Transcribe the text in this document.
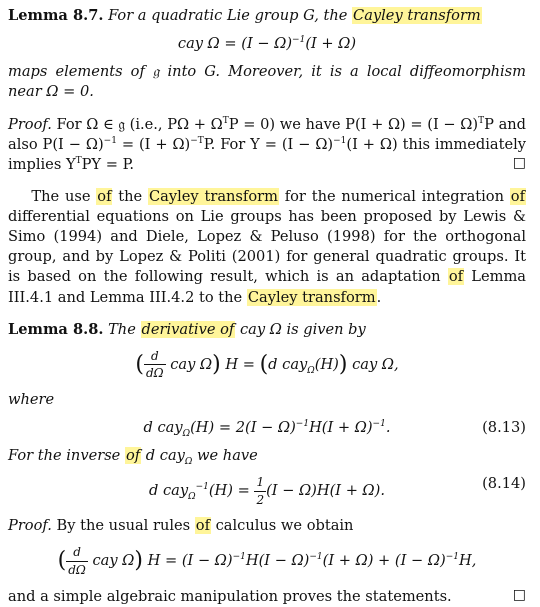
Lemma 8.7. For a quadratic Lie group G, the Cayley transform

cay $\Omega = (I - \Omega)^{-1}(I + \Omega)$

maps elements of 𝔤 into G. Moreover, it is a local diffeomorphism near Ω = 0.

Proof. For Ω ∈ 𝔤 (i.e., $P\Omega + \Omega^TP = 0$) we have $P(I + \Omega) = (I - \Omega)^TP$ and also $P(I - \Omega)^{-1} = (I + \Omega)^{-T}P$. For $Y = (I - \Omega)^{-1}(I + \Omega)$ this immediately implies $Y^TPY = P$.	□

The use of the Cayley transform for the numerical integration of differential equations on Lie groups has been proposed by Lewis & Simo (1994) and Diele, Lopez & Peluso (1998) for the orthogonal group, and by Lopez & Politi (2001) for general quadratic groups. It is based on the following result, which is an adaptation of Lemma III.4.1 and Lemma III.4.2 to the Cayley transform.

Lemma 8.8. The derivative of cay Ω is given by

( $\frac{d}{d\Omega}$ cay Ω) H = (d cay$_\Omega$(H)) cay Ω,

where

d $cay_\Omega(H) = 2(I - \Omega)^{-1}H(I + \Omega)^{-1}$.	(8.13)

For the inverse of d cay$_\Omega$ we have

d $cay_\Omega^{-1}(H) = \frac{1}{2} (I - \Omega)H(I + \Omega)$.	(8.14)

Proof. By the usual rules of calculus we obtain

( $\frac{d}{d\Omega}$ cay Ω) $H = (I - \Omega)^{-1}H(I - \Omega)^{-1}(I + \Omega) + (I - \Omega)^{-1}H$,

and a simple algebraic manipulation proves the statements.	□
